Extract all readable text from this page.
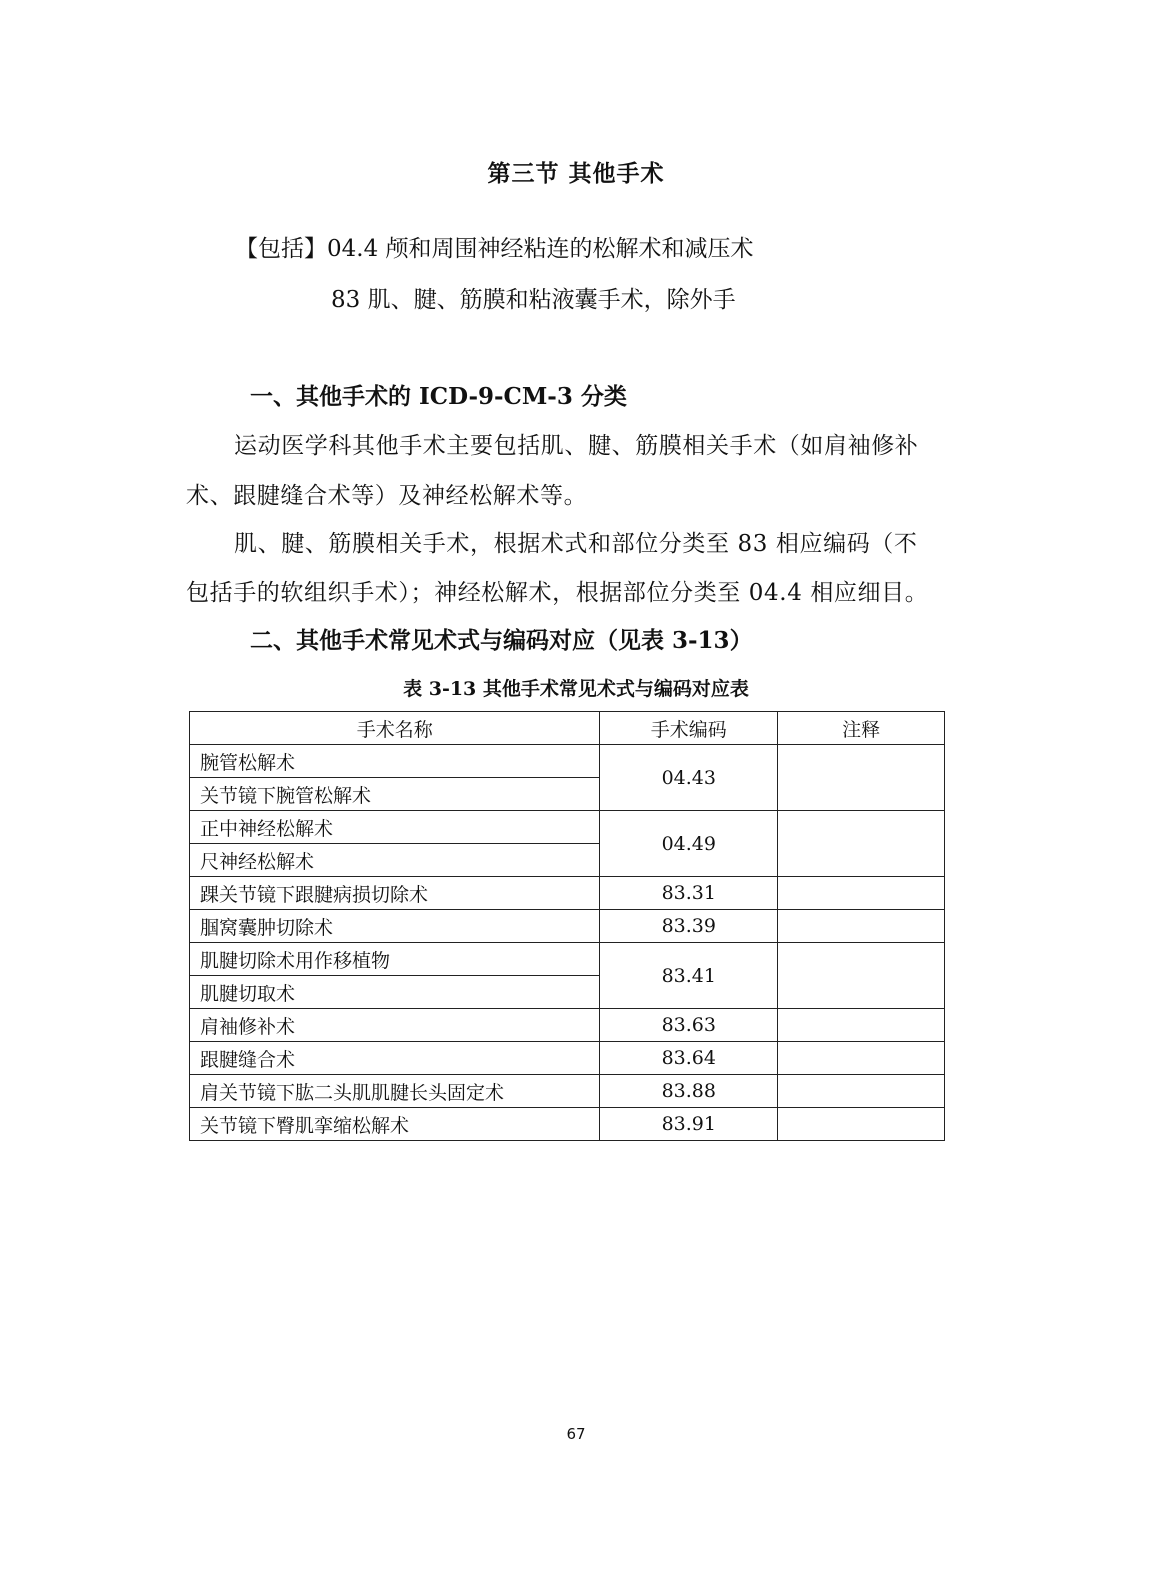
第三节 其他手术
【包括】04.4 颅和周围神经粘连的松解术和减压术
83 肌、腱、筋膜和粘液囊手术，除外手
一、其他手术的 ICD-9-CM-3 分类
运动医学科其他手术主要包括肌、腱、筋膜相关手术（如肩袖修补
术、跟腱缝合术等）及神经松解术等。
肌、腱、筋膜相关手术，根据术式和部位分类至 83 相应编码（不
包括手的软组织手术）；神经松解术，根据部位分类至 04.4 相应细目。
二、其他手术常见术式与编码对应（见表 3-13）
表 3-13 其他手术常见术式与编码对应表
手术名称	手术编码	注释
腕管松解术	04.43	
关节镜下腕管松解术		
正中神经松解术	04.49	
尺神经松解术		
踝关节镜下跟腱病损切除术	83.31	
腘窝囊肿切除术	83.39	
肌腱切除术用作移植物	83.41	
肌腱切取术		
肩袖修补术	83.63	
跟腱缝合术	83.64	
肩关节镜下肱二头肌肌腱长头固定术	83.88	
关节镜下臀肌挛缩松解术	83.91	
67
